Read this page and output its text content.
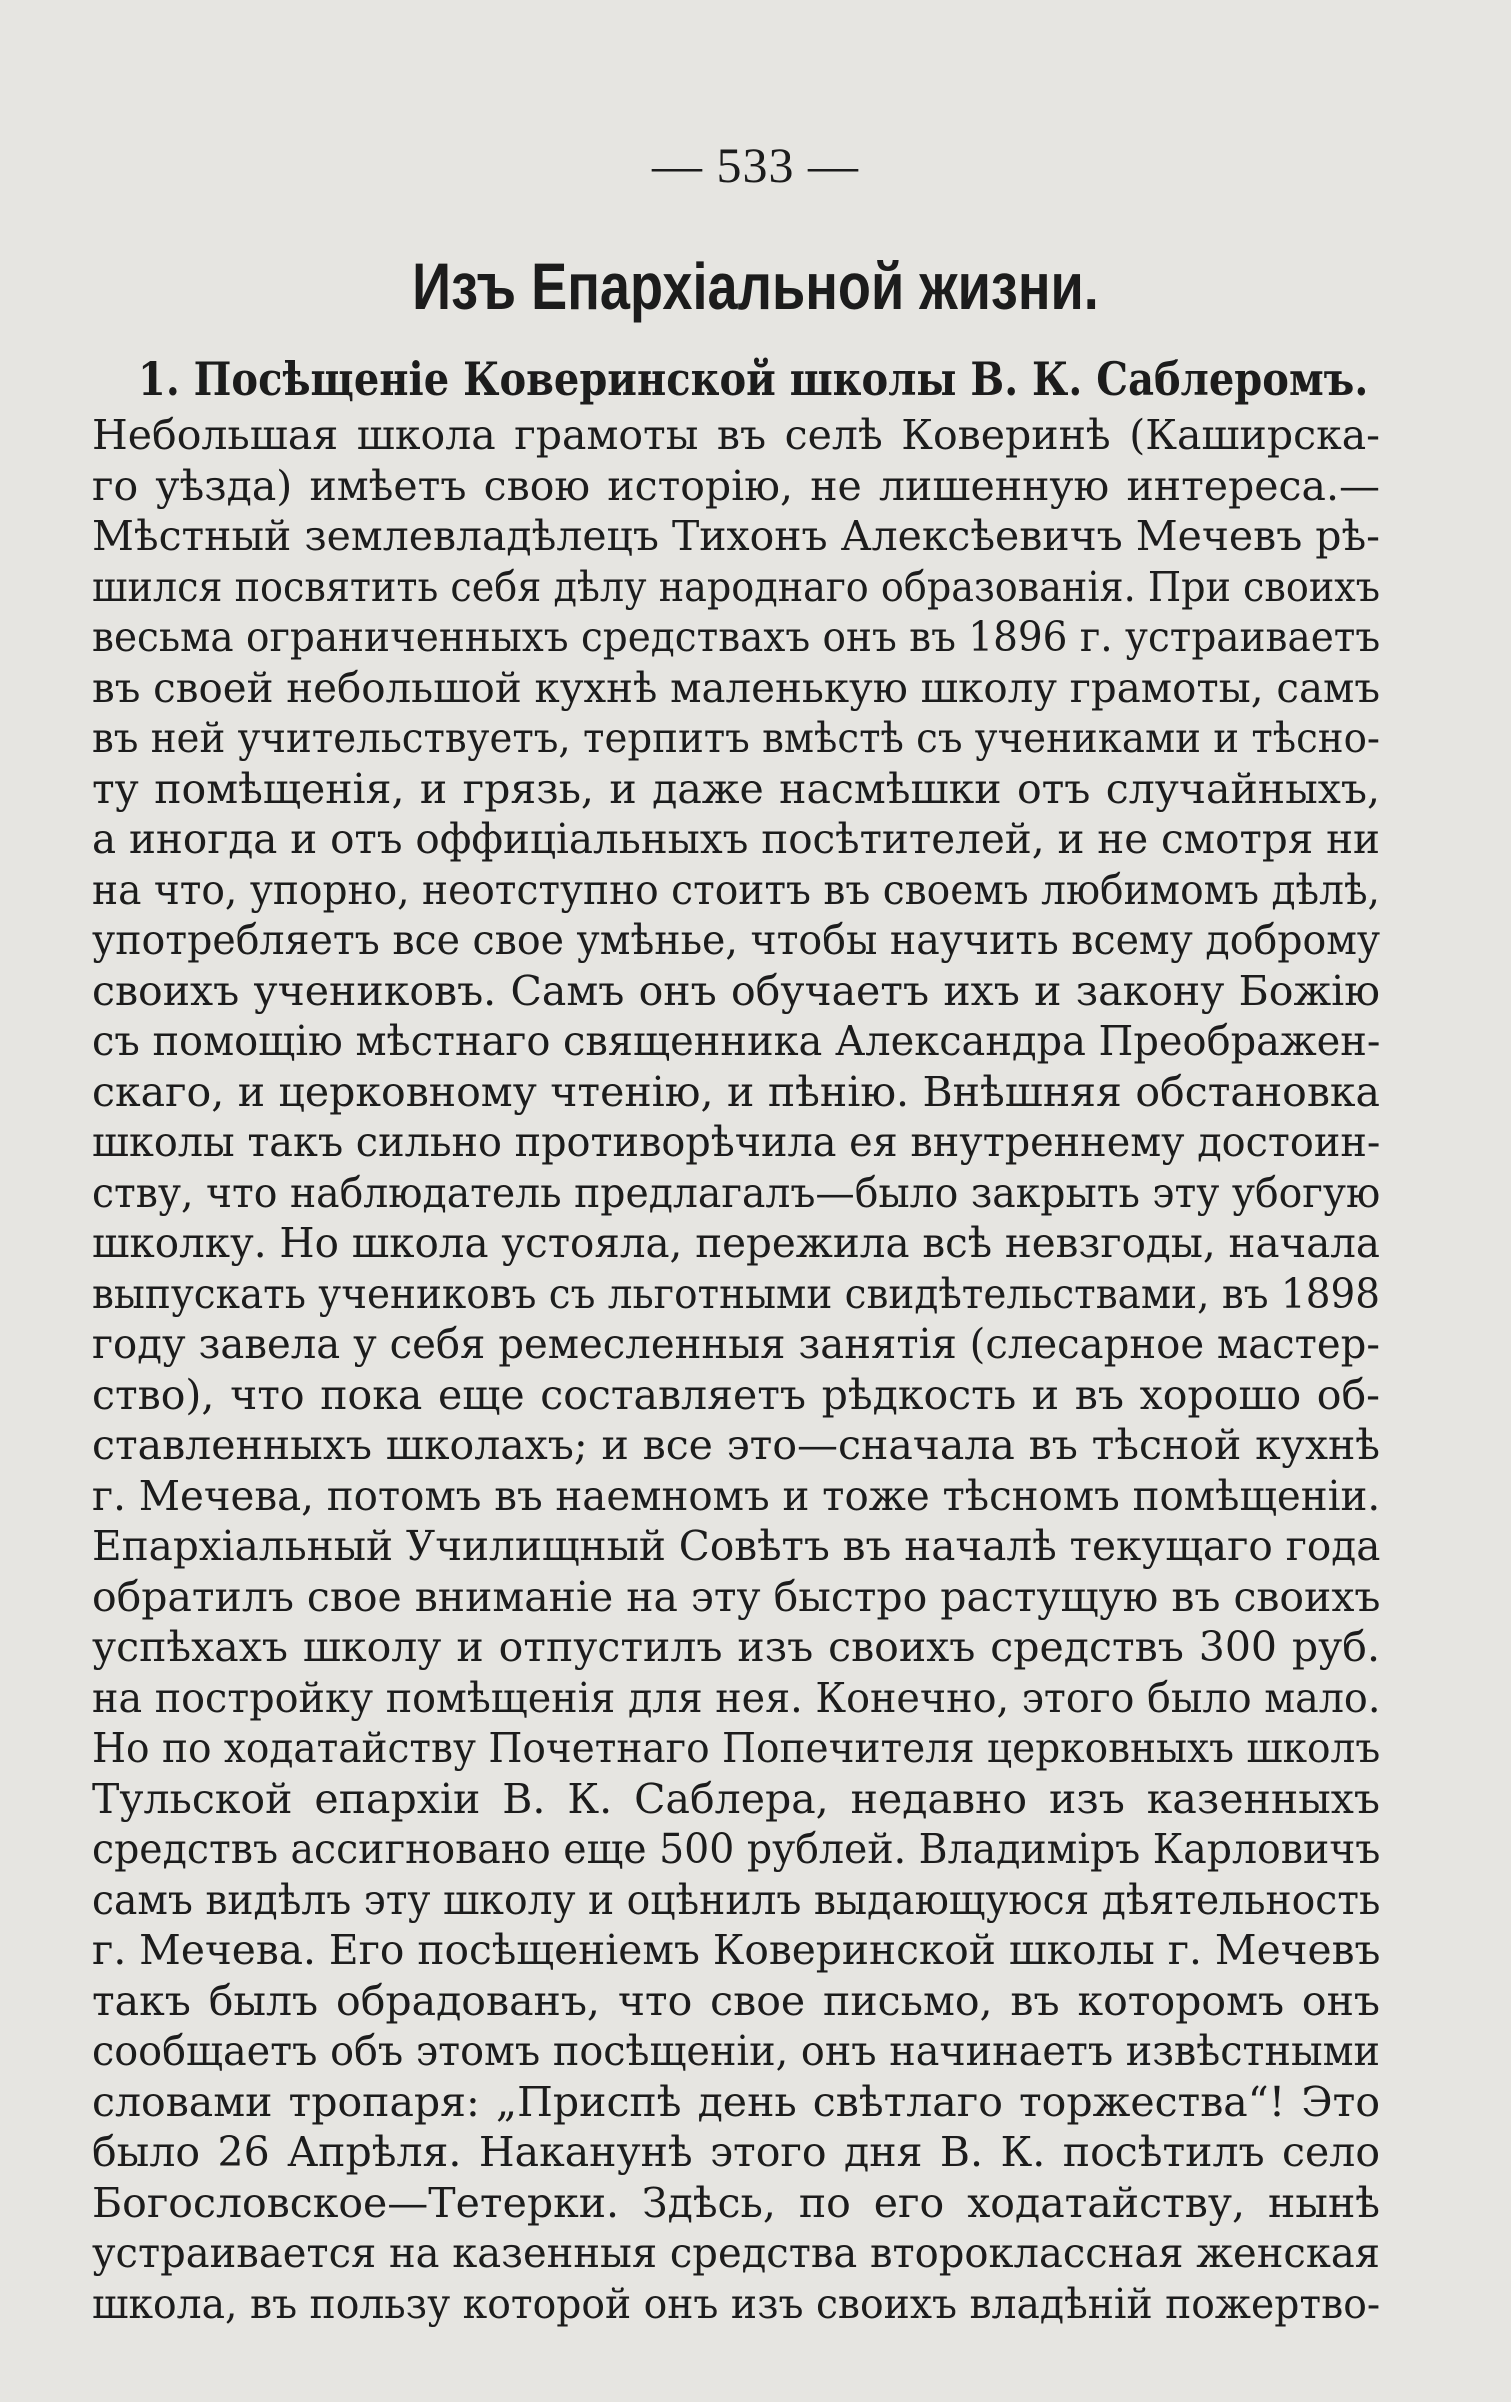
— 533 —
Изъ Епархіальной жизни.
1. Посѣщеніе Коверинской школы В. К. Саблеромъ.
Небольшая школа грамоты въ селѣ Коверинѣ (Каширска-
го уѣзда) имѣетъ свою исторію, не лишенную интереса.—
Мѣстный землевладѣлецъ Тихонъ Алексѣевичъ Мечевъ рѣ-
шился посвятить себя дѣлу народнаго образованія. При своихъ
весьма ограниченныхъ средствахъ онъ въ 1896 г. устраиваетъ
въ своей небольшой кухнѣ маленькую школу грамоты, самъ
въ ней учительствуетъ, терпитъ вмѣстѣ съ учениками и тѣсно-
ту помѣщенія, и грязь, и даже насмѣшки отъ случайныхъ,
а иногда и отъ оффиціальныхъ посѣтителей, и не смотря ни
на что, упорно, неотступно стоитъ въ своемъ любимомъ дѣлѣ,
употребляетъ все свое умѣнье, чтобы научить всему доброму
своихъ учениковъ. Самъ онъ обучаетъ ихъ и закону Божію
съ помощію мѣстнаго священника Александра Преображен-
скаго, и церковному чтенію, и пѣнію. Внѣшняя обстановка
школы такъ сильно противорѣчила ея внутреннему достоин-
ству, что наблюдатель предлагалъ—было закрыть эту убогую
школку. Но школа устояла, пережила всѣ невзгоды, начала
выпускать учениковъ съ льготными свидѣтельствами, въ 1898
году завела у себя ремесленныя занятія (слесарное мастер-
ство), что пока еще составляетъ рѣдкость и въ хорошо об-
ставленныхъ школахъ; и все это—сначала въ тѣсной кухнѣ
г. Мечева, потомъ въ наемномъ и тоже тѣсномъ помѣщеніи.
Епархіальный Училищный Совѣтъ въ началѣ текущаго года
обратилъ свое вниманіе на эту быстро растущую въ своихъ
успѣхахъ школу и отпустилъ изъ своихъ средствъ 300 руб.
на постройку помѣщенія для нея. Конечно, этого было мало.
Но по ходатайству Почетнаго Попечителя церковныхъ школъ
Тульской епархіи В. К. Саблера, недавно изъ казенныхъ
средствъ ассигновано еще 500 рублей. Владиміръ Карловичъ
самъ видѣлъ эту школу и оцѣнилъ выдающуюся дѣятельность
г. Мечева. Его посѣщеніемъ Коверинской школы г. Мечевъ
такъ былъ обрадованъ, что свое письмо, въ которомъ онъ
сообщаетъ объ этомъ посѣщеніи, онъ начинаетъ извѣстными
словами тропаря: „Приспѣ день свѣтлаго торжества“! Это
было 26 Апрѣля. Наканунѣ этого дня В. К. посѣтилъ село
Богословское—Тетерки. Здѣсь, по его ходатайству, нынѣ
устраивается на казенныя средства второклассная женская
школа, въ пользу которой онъ изъ своихъ владѣній пожертво-
